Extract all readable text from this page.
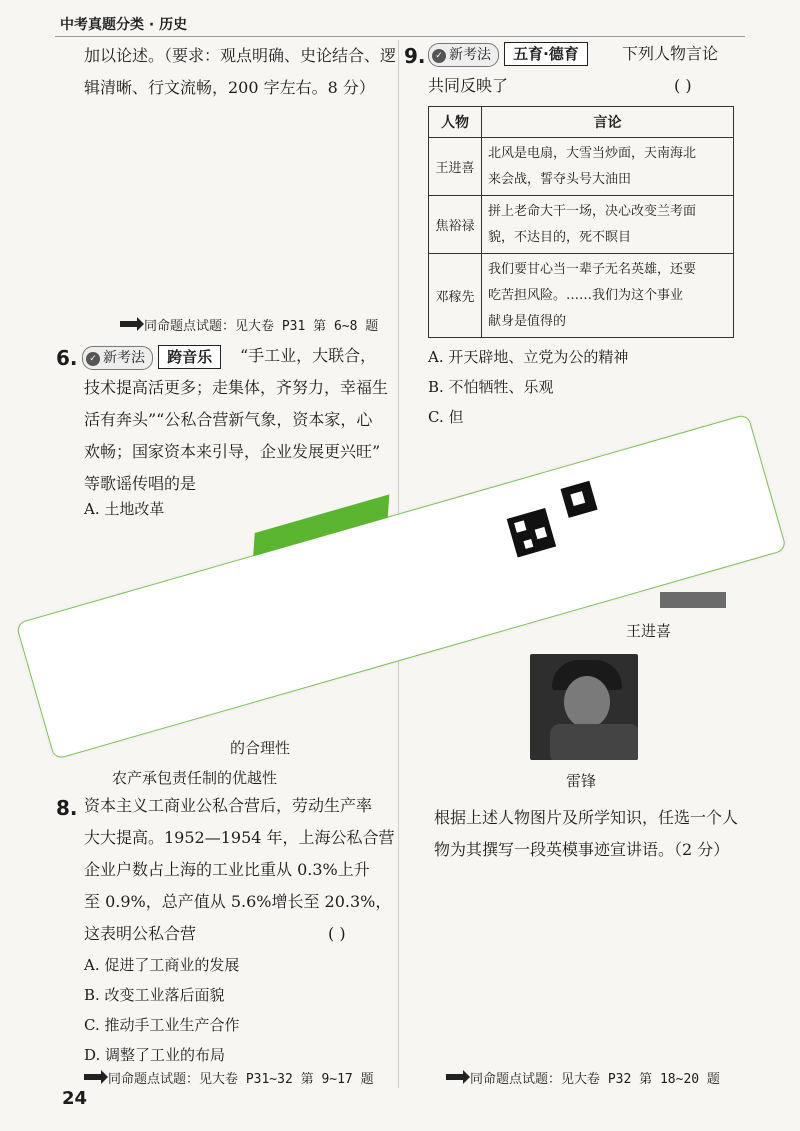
中考真题分类 · 历史
加以论述。（要求：观点明确、史论结合、逻
辑清晰、行文流畅，200 字左右。8 分）
同命题点试题：见大卷 P31 第 6~8 题
6.	✓ 新考法 跨音乐	“手工业，大联合，
技术提高活更多；走集体，齐努力，幸福生
活有奔头”“公私合营新气象，资本家，心
欢畅；国家资本来引导，企业发展更兴旺”
等歌谣传唱的是
A. 土地改革
的合理性
农产承包责任制的优越性
8. 资本主义工商业公私合营后，劳动生产率
大大提高。1952—1954 年，上海公私合营
企业户数占上海的工业比重从 0.3%上升
至 0.9%，总产值从 5.6%增长至 20.3%，
这表明公私合营	( )
A. 促进了工商业的发展
B. 改变工业落后面貌
C. 推动手工业生产合作
D. 调整了工业的布局
同命题点试题：见大卷 P31~32 第 9~17 题
9.	✓ 新考法 五育·德育	下列人物言论
共同反映了	( )
人物	言论
王进喜	北风是电扇，大雪当炒面，天南海北
来会战，誓夺头号大油田

焦裕禄	拼上老命大干一场，决心改变兰考面
貌，不达目的，死不瞑目

邓稼先	我们要甘心当一辈子无名英雄，还要
吃苦担风险。……我们为这个事业
献身是值得的
A. 开天辟地、立党为公的精神
B. 不怕牺牲、乐观
C. 但
王进喜
雷锋
根据上述人物图片及所学知识，任选一个人
物为其撰写一段英模事迹宣讲语。（2 分）
同命题点试题：见大卷 P32 第 18~20 题
24
